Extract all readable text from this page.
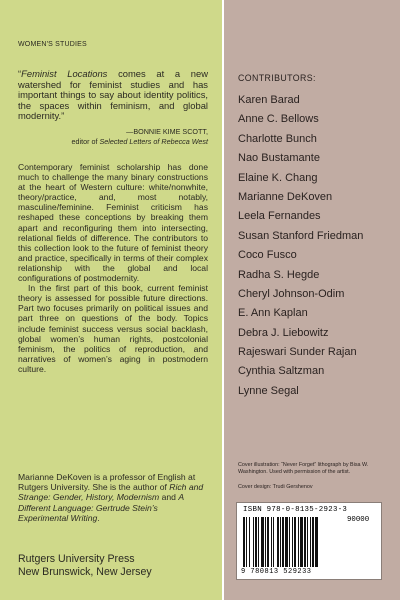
WOMEN'S STUDIES
“Feminist Locations comes at a new watershed for feminist studies and has important things to say about identity politics, the spaces within feminism, and global modernity.”
—BONNIE KIME SCOTT,
editor of Selected Letters of Rebecca West

Contemporary feminist scholarship has done much to challenge the many binary constructions at the heart of Western culture: white/nonwhite, theory/practice, and, most notably, masculine/feminine. Feminist criticism has reshaped these conceptions by breaking them apart and reconfiguring them into intersecting, relational fields of difference. The contributors to this collection look to the future of feminist theory and practice, specifically in terms of their complex relationship with the global and local configurations of postmodernity.

In the first part of this book, current feminist theory is assessed for possible future directions. Part two focuses primarily on political issues and part three on questions of the body. Topics include feminist success versus social backlash, global women’s human rights, postcolonial feminism, the politics of reproduction, and narratives of women’s aging in postmodern culture.

Marianne DeKoven is a professor of English at Rutgers University. She is the author of Rich and Strange: Gender, History, Modernism and A Different Language: Gertrude Stein’s Experimental Writing.
Rutgers University Press
New Brunswick, New Jersey
CONTRIBUTORS:
Karen Barad
Anne C. Bellows
Charlotte Bunch
Nao Bustamante
Elaine K. Chang
Marianne DeKoven
Leela Fernandes
Susan Stanford Friedman
Coco Fusco
Radha S. Hegde
Cheryl Johnson-Odim
E. Ann Kaplan
Debra J. Liebowitz
Rajeswari Sunder Rajan
Cynthia Saltzman
Lynne Segal
Cover illustration: “Never Forget” lithograph by Bisa W. Washington. Used with permission of the artist.
Cover design: Trudi Gershenov
ISBN 978-0-8135-2923-3
90000
9 780813 529233
